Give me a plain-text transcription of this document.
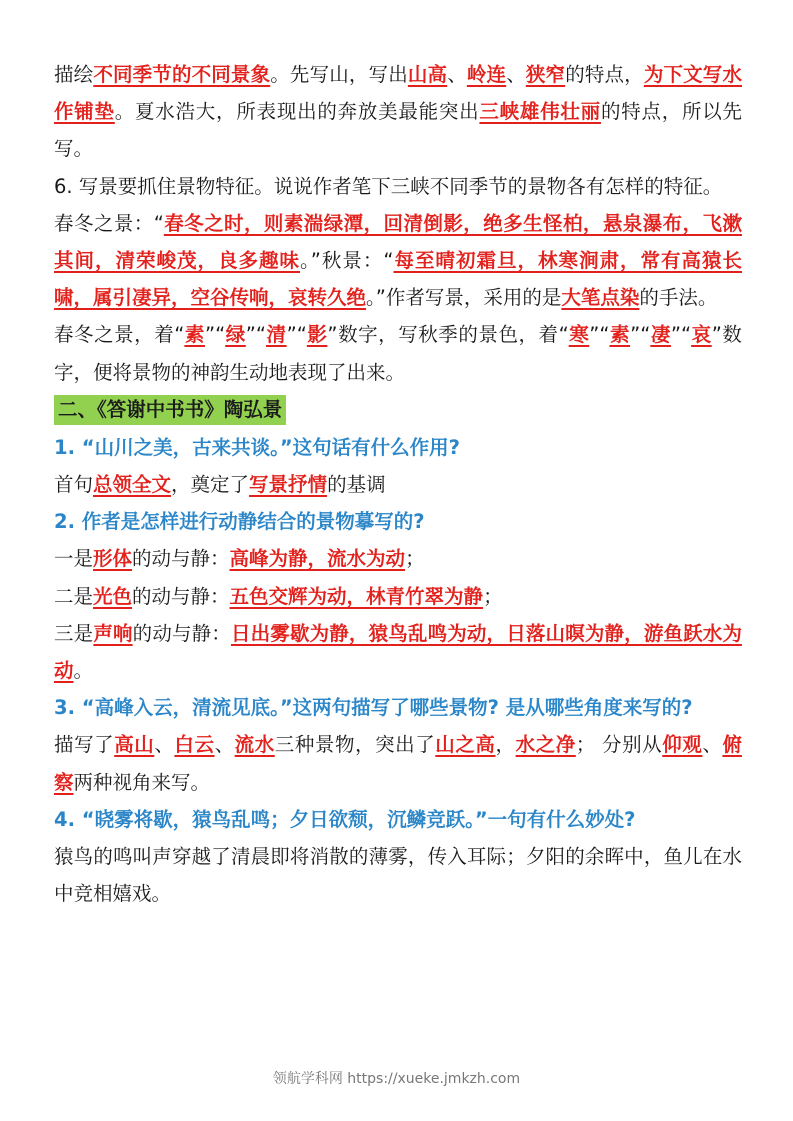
描绘不同季节的不同景象。先写山，写出山高、岭连、狭窄的特点，为下文写水作铺垫。夏水浩大，所表现出的奔放美最能突出三峡雄伟壮丽的特点，所以先写。

6. 写景要抓住景物特征。说说作者笔下三峡不同季节的景物各有怎样的特征。

春冬之景：“春冬之时，则素湍绿潭，回清倒影，绝多生怪柏，悬泉瀑布，飞漱其间，清荣峻茂，良多趣味。”秋景：“每至晴初霜旦，林寒涧肃，常有高猿长啸，属引凄异，空谷传响，哀转久绝。”作者写景，采用的是大笔点染的手法。

春冬之景，着“素”“绿”“清”“影”数字，写秋季的景色，着“寒”“素”“凄”“哀”数字，便将景物的神韵生动地表现了出来。

二、《答谢中书书》陶弘景

1. “山川之美，古来共谈。”这句话有什么作用?

首句总领全文，奠定了写景抒情的基调

2. 作者是怎样进行动静结合的景物摹写的?

一是形体的动与静：高峰为静，流水为动；

二是光色的动与静：五色交辉为动，林青竹翠为静；

三是声响的动与静：日出雾歇为静，猿鸟乱鸣为动，日落山暝为静，游鱼跃水为动。

3. “高峰入云，清流见底。”这两句描写了哪些景物? 是从哪些角度来写的?

描写了高山、白云、流水三种景物，突出了山之高，水之净； 分别从仰观、俯察两种视角来写。

4. “晓雾将歇，猿鸟乱鸣；夕日欲颓，沉鳞竞跃。”一句有什么妙处?

猿鸟的鸣叫声穿越了清晨即将消散的薄雾，传入耳际；夕阳的余晖中，鱼儿在水中竞相嬉戏。

领航学科网 https://xueke.jmkzh.com
